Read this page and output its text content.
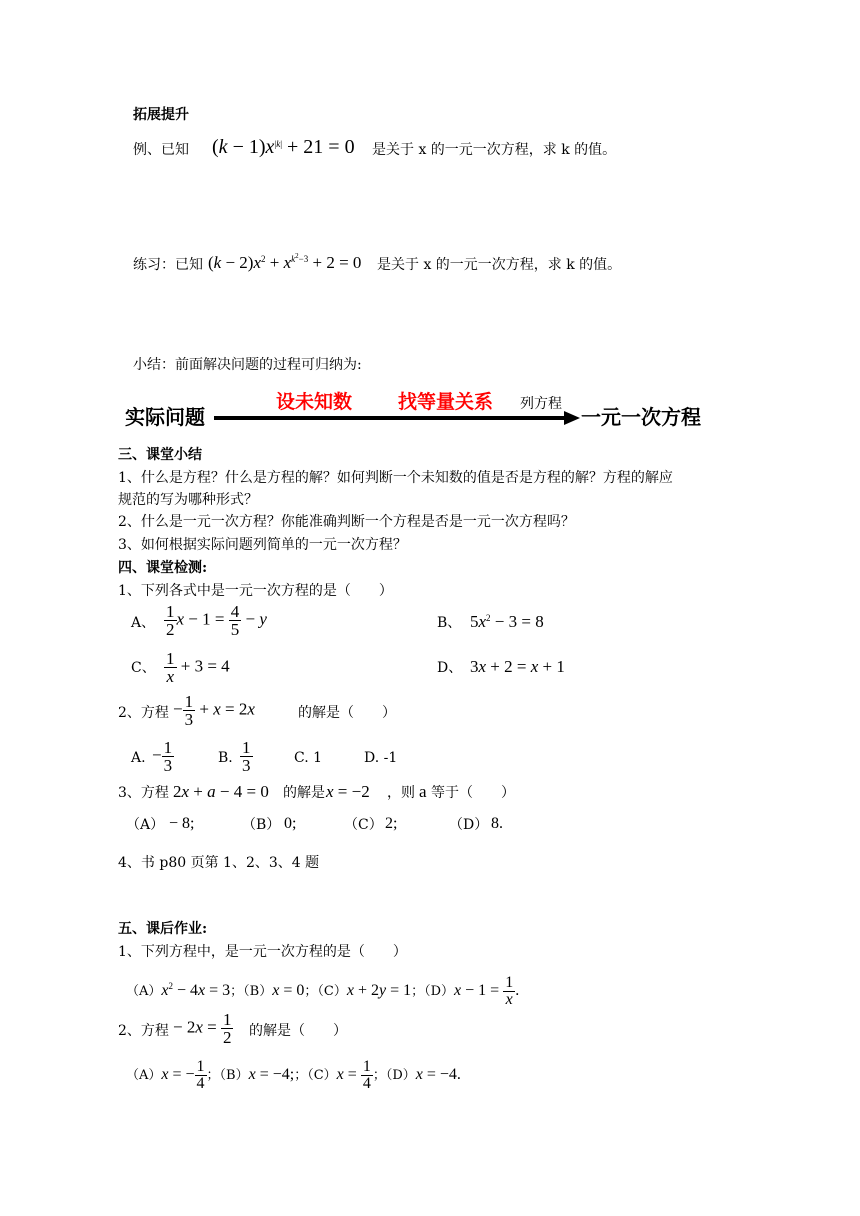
拓展提升
例、已知 $(k - 1)x^{|k|} + 21 = 0$ 是关于 x 的一元一次方程，求 k 的值。
练习：已知 $(k - 2)x^2 + x^{k^2-3} + 2 = 0$ 是关于 x 的一元一次方程，求 k 的值。
小结：前面解决问题的过程可归纳为:
实际问题
设未知数 找等量关系 列方程
一元一次方程
三、课堂小结
1、什么是方程？什么是方程的解？如何判断一个未知数的值是否是方程的解？方程的解应
规范的写为哪种形式？
2、什么是一元一次方程？你能准确判断一个方程是否是一元一次方程吗？
3、如何根据实际问题列简单的一元一次方程？
四、课堂检测:
1、下列各式中是一元一次方程的是（　　）
A、 $\frac{1}{2}$ $x - 1 = \frac{4}{5} - y$	B、 $5x^2 - 3 = 8$
C、 $\frac{1}{x} + 3 = 4$	D、 3x + 2 = x + 1
2、方程 − $\frac{1}{3} + x = 2x$	的解是（　　）
A. − $\frac{1}{3}$	B. $\frac{1}{3}$	C. 1	D. -1
3、方程 2x + a − 4 = 0 的解是 x = −2 ，则 a 等于（　　）
（A） − 8;	（B） 0;	（C） 2;	（D） 8.
4、书 p80 页第 1、2、3、4 题
五、课后作业:
1、下列方程中，是一元一次方程的是（　　）
$(A)x^2 - 4x = 3$；（B）x = 0；（C）x + 2y = 1；$(D)x - 1 = \frac{1}{x}$ .
2、方程 − $2x = \frac{1}{2}$ 的解是（　　）
（A）x = − $\frac{1}{4}$ ；（B）x = −4;；$(C)x = \frac{1}{4}$ ；（D）x = −4.
